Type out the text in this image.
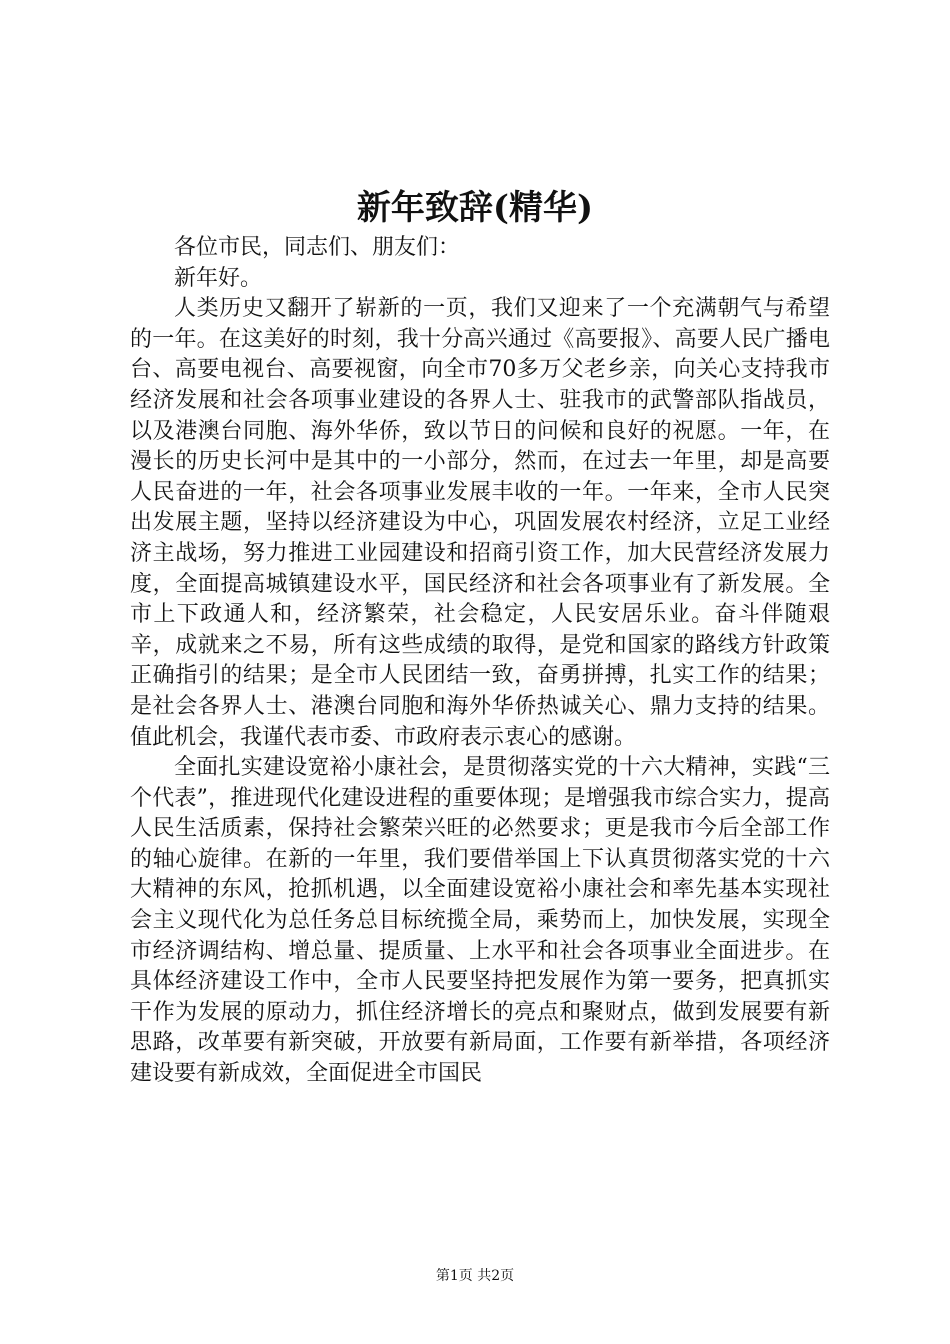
新年致辞(精华)

各位市民，同志们、朋友们：

新年好。

人类历史又翻开了崭新的一页，我们又迎来了一个充满朝气与希望的一年。在这美好的时刻，我十分高兴通过《高要报》、高要人民广播电台、高要电视台、高要视窗，向全市70多万父老乡亲，向关心支持我市经济发展和社会各项事业建设的各界人士、驻我市的武警部队指战员，以及港澳台同胞、海外华侨，致以节日的问候和良好的祝愿。一年，在漫长的历史长河中是其中的一小部分，然而，在过去一年里，却是高要人民奋进的一年，社会各项事业发展丰收的一年。一年来，全市人民突出发展主题，坚持以经济建设为中心，巩固发展农村经济，立足工业经济主战场，努力推进工业园建设和招商引资工作，加大民营经济发展力度，全面提高城镇建设水平，国民经济和社会各项事业有了新发展。全市上下政通人和，经济繁荣，社会稳定，人民安居乐业。奋斗伴随艰辛，成就来之不易，所有这些成绩的取得，是党和国家的路线方针政策正确指引的结果；是全市人民团结一致，奋勇拼搏，扎实工作的结果；是社会各界人士、港澳台同胞和海外华侨热诚关心、鼎力支持的结果。值此机会，我谨代表市委、市政府表示衷心的感谢。

全面扎实建设宽裕小康社会，是贯彻落实党的十六大精神，实践“三个代表”，推进现代化建设进程的重要体现；是增强我市综合实力，提高人民生活质素，保持社会繁荣兴旺的必然要求；更是我市今后全部工作的轴心旋律。在新的一年里，我们要借举国上下认真贯彻落实党的十六大精神的东风，抢抓机遇，以全面建设宽裕小康社会和率先基本实现社会主义现代化为总任务总目标统揽全局，乘势而上，加快发展，实现全市经济调结构、增总量、提质量、上水平和社会各项事业全面进步。在具体经济建设工作中，全市人民要坚持把发展作为第一要务，把真抓实干作为发展的原动力，抓住经济增长的亮点和聚财点，做到发展要有新思路，改革要有新突破，开放要有新局面，工作要有新举措，各项经济建设要有新成效，全面促进全市国民

第1页 共2页
